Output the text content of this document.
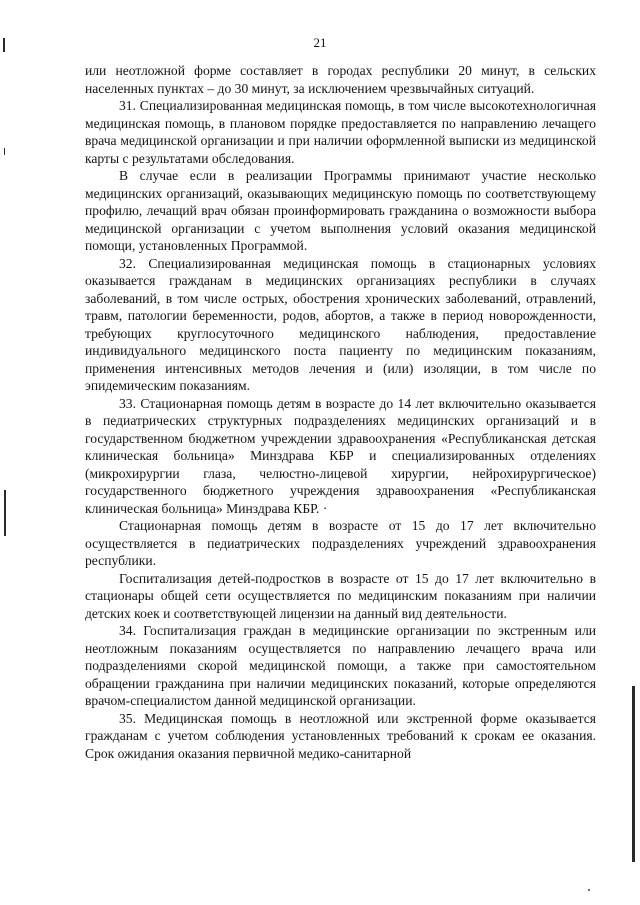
21

или неотложной форме составляет в городах республики 20 минут, в сельских населенных пунктах – до 30 минут, за исключением чрезвычайных ситуаций.

31. Специализированная медицинская помощь, в том числе высокотехнологичная медицинская помощь, в плановом порядке предоставляется по направлению лечащего врача медицинской организации и при наличии оформленной выписки из медицинской карты с результатами обследования.

В случае если в реализации Программы принимают участие несколько медицинских организаций, оказывающих медицинскую помощь по соответствующему профилю, лечащий врач обязан проинформировать гражданина о возможности выбора медицинской организации с учетом выполнения условий оказания медицинской помощи, установленных Программой.

32. Специализированная медицинская помощь в стационарных условиях оказывается гражданам в медицинских организациях республики в случаях заболеваний, в том числе острых, обострения хронических заболеваний, отравлений, травм, патологии беременности, родов, абортов, а также в период новорожденности, требующих круглосуточного медицинского наблюдения, предоставление индивидуального медицинского поста пациенту по медицинским показаниям, применения интенсивных методов лечения и (или) изоляции, в том числе по эпидемическим показаниям.

33. Стационарная помощь детям в возрасте до 14 лет включительно оказывается в педиатрических структурных подразделениях медицинских организаций и в государственном бюджетном учреждении здравоохранения «Республиканская детская клиническая больница» Минздрава КБР и специализированных отделениях (микрохирургии глаза, челюстно-лицевой хирургии, нейрохирургическое) государственного бюджетного учреждения здравоохранения «Республиканская клиническая больница» Минздрава КБР. ·

Стационарная помощь детям в возрасте от 15 до 17 лет включительно осуществляется в педиатрических подразделениях учреждений здравоохранения республики.

Госпитализация детей-подростков в возрасте от 15 до 17 лет включительно в стационары общей сети осуществляется по медицинским показаниям при наличии детских коек и соответствующей лицензии на данный вид деятельности.

34. Госпитализация граждан в медицинские организации по экстренным или неотложным показаниям осуществляется по направлению лечащего врача или подразделениями скорой медицинской помощи, а также при самостоятельном обращении гражданина при наличии медицинских показаний, которые определяются врачом-специалистом данной медицинской организации.

35. Медицинская помощь в неотложной или экстренной форме оказывается гражданам с учетом соблюдения установленных требований к срокам ее оказания. Срок ожидания оказания первичной медико-санитарной
